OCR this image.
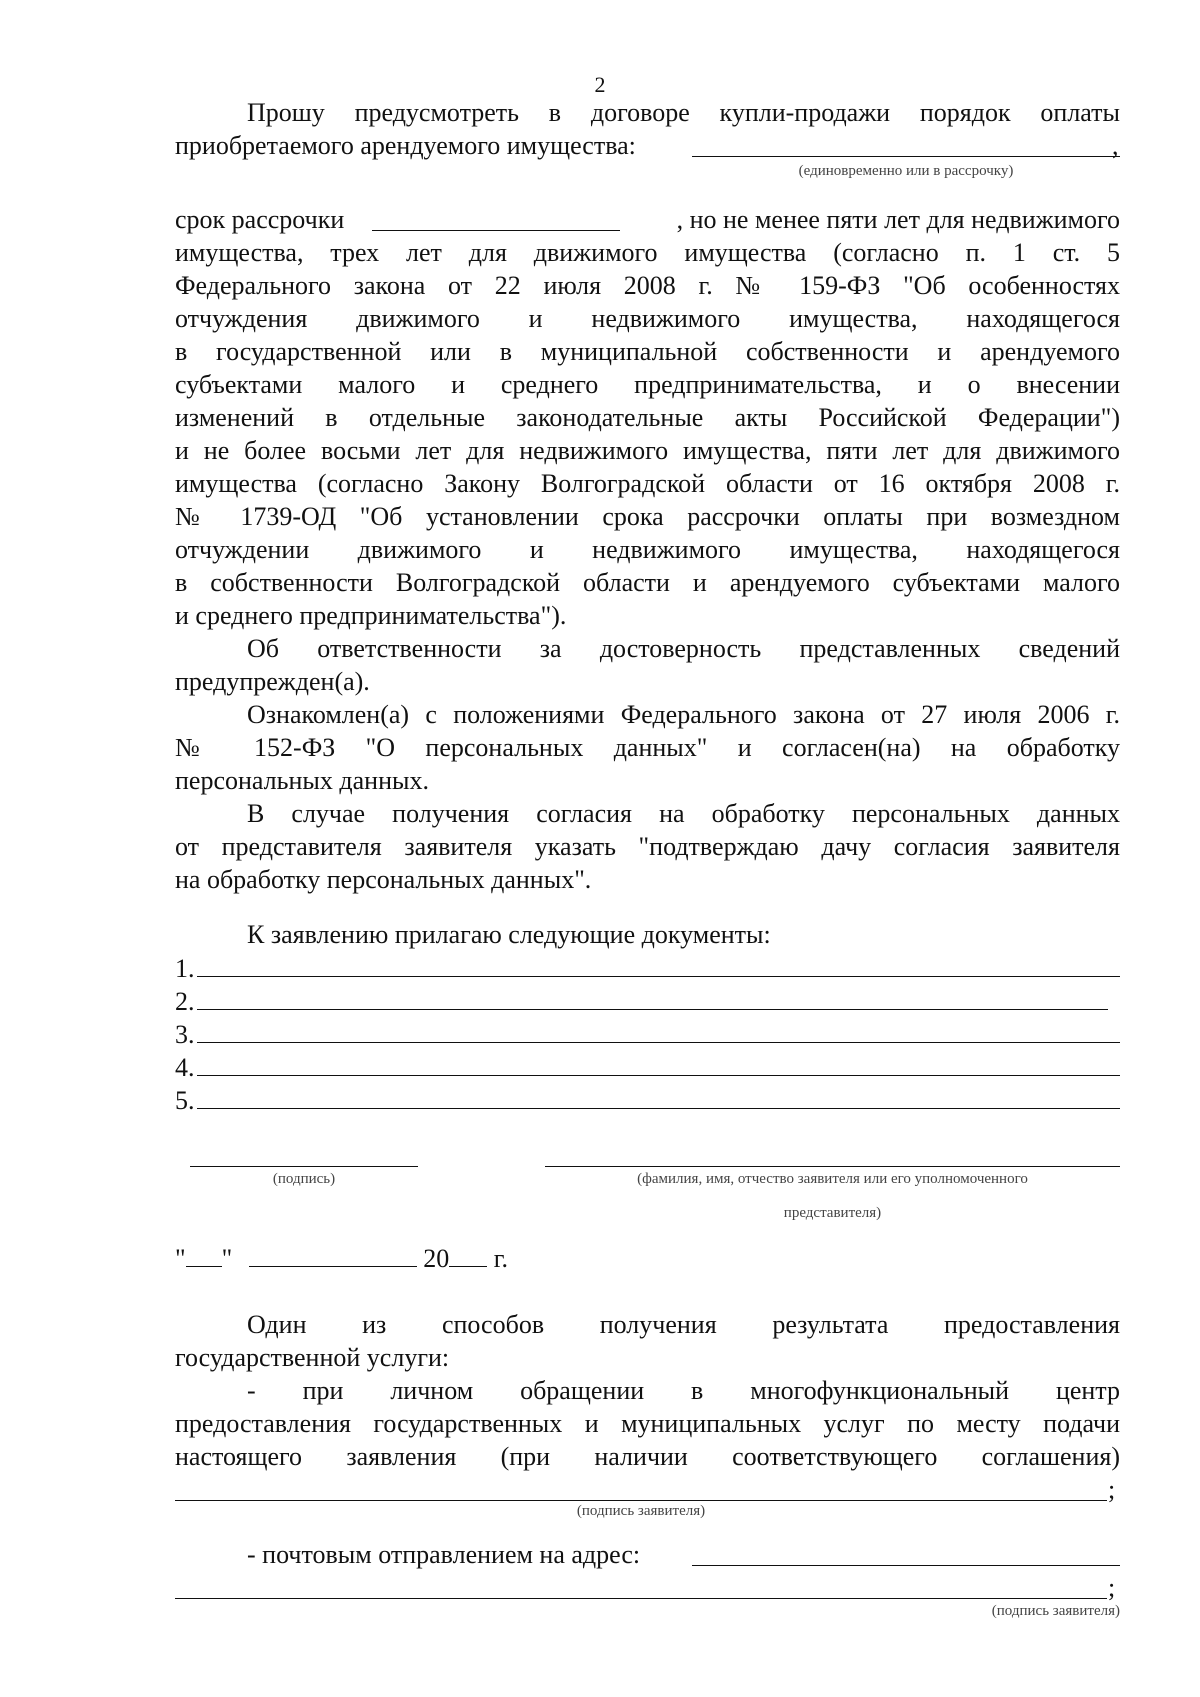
2
Прошу предусмотреть в договоре купли-продажи порядок оплаты
приобретаемого арендуемого имущества:	,
(единовременно или в рассрочку)
срок рассрочки	, но не менее пяти лет для недвижимого
имущества, трех лет для движимого имущества (согласно п. 1 ст. 5
Федерального закона от 22 июля 2008 г. № 159-ФЗ "Об особенностях
отчуждения движимого и недвижимого имущества, находящегося
в государственной или в муниципальной собственности и арендуемого
субъектами малого и среднего предпринимательства, и о внесении
изменений в отдельные законодательные акты Российской Федерации")
и не более восьми лет для недвижимого имущества, пяти лет для движимого
имущества (согласно Закону Волгоградской области от 16 октября 2008 г.
№ 1739-ОД "Об установлении срока рассрочки оплаты при возмездном
отчуждении движимого и недвижимого имущества, находящегося
в собственности Волгоградской области и арендуемого субъектами малого
и среднего предпринимательства").
Об ответственности за достоверность представленных сведений
предупрежден(а).
Ознакомлен(а) с положениями Федерального закона от 27 июля 2006 г.
№ 152-ФЗ "О персональных данных" и согласен(на) на обработку
персональных данных.
В случае получения согласия на обработку персональных данных
от представителя заявителя указать "подтверждаю дачу согласия заявителя
на обработку персональных данных".
К заявлению прилагаю следующие документы:
1.
2.
3.
4.
5.
(подпись)	(фамилия, имя, отчество заявителя или его уполномоченного
представителя)
" "	20 г.
Один из способов получения результата предоставления
государственной услуги:
- при личном обращении в многофункциональный центр
предоставления государственных и муниципальных услуг по месту подачи
настоящего заявления (при наличии соответствующего соглашения)
;
(подпись заявителя)
- почтовым отправлением на адрес:
;
(подпись заявителя)
